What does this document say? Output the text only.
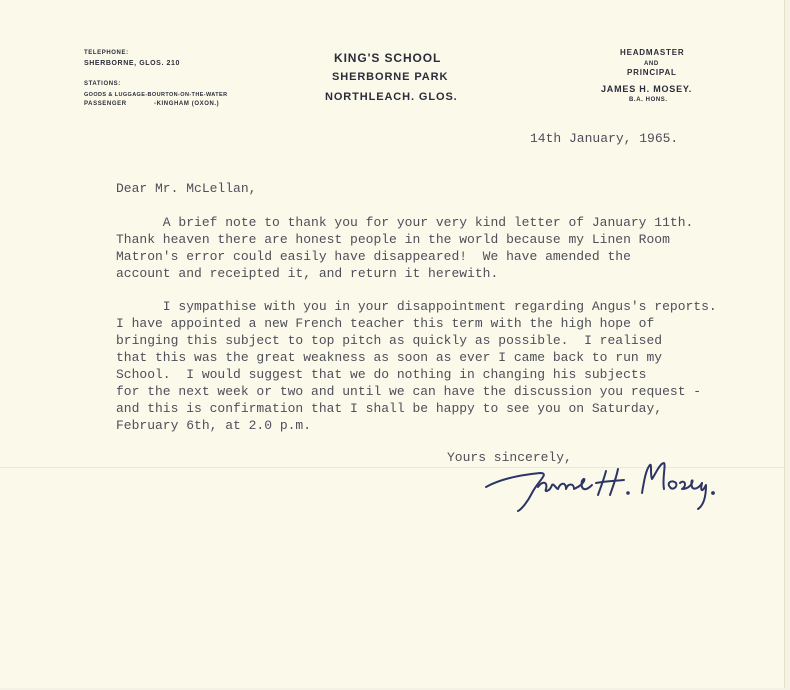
TELEPHONE:
SHERBORNE, GLOS. 210
STATIONS:
GOODS & LUGGAGE-BOURTON-ON-THE-WATER
PASSENGER	-KINGHAM (OXON.)
KING'S SCHOOL
SHERBORNE PARK
NORTHLEACH. GLOS.
HEADMASTER
AND
PRINCIPAL
JAMES H. MOSEY.
B.A. HONS.
14th January, 1965.
Dear Mr. McLellan,
A brief note to thank you for your very kind letter of January 11th.
Thank heaven there are honest people in the world because my Linen Room
Matron's error could easily have disappeared!  We have amended the
account and receipted it, and return it herewith.
I sympathise with you in your disappointment regarding Angus's reports.
I have appointed a new French teacher this term with the high hope of
bringing this subject to top pitch as quickly as possible.  I realised
that this was the great weakness as soon as ever I came back to run my
School.  I would suggest that we do nothing in changing his subjects
for the next week or two and until we can have the discussion you request -
and this is confirmation that I shall be happy to see you on Saturday,
February 6th, at 2.0 p.m.
Yours sincerely,
